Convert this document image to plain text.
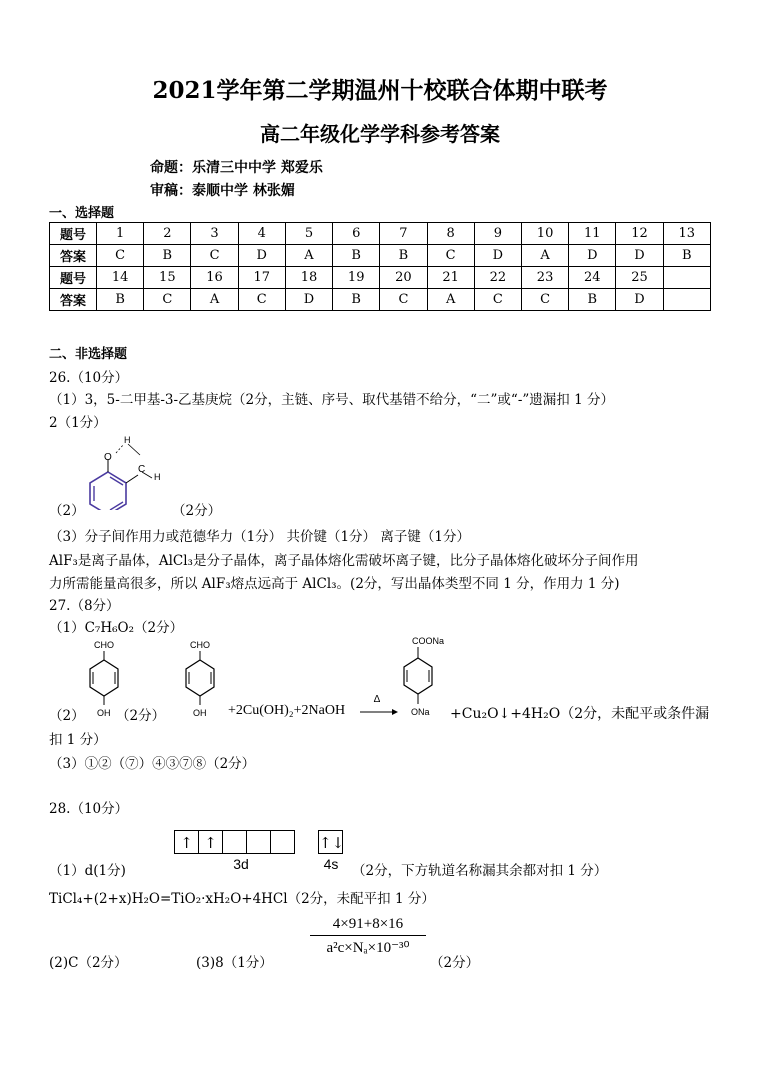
2021学年第二学期温州十校联合体期中联考
高二年级化学学科参考答案
命题：乐清三中中学 郑爱乐
审稿：泰顺中学 林张媚
一、选择题
题号	1	2	3	4	5	6	7	8	9	10	11	12	13
答案	C	B	C	D	A	B	B	C	D	A	D	D	B
题号	14	15	16	17	18	19	20	21	22	23	24	25	
答案	B	C	A	C	D	B	C	A	C	C	B	D	
二、非选择题
26.（10分）
（1）3，5-二甲基-3-乙基庚烷（2分，主链、序号、取代基错不给分，“二”或“-”遗漏扣 1 分）
2（1分）
O
H
C
H
（2）	（2分）
（3）分子间作用力或范德华力（1分） 共价键（1分） 离子键（1分）
AlF₃是离子晶体，AlCl₃是分子晶体，离子晶体熔化需破坏离子键，比分子晶体熔化破坏分子间作用
力所需能量高很多，所以 AlF₃熔点远高于 AlCl₃。(2分，写出晶体类型不同 1 分，作用力 1 分)
27.（8分）
（1）C₇H₆O₂（2分）
CHO
OH
（2） （2分）
CHO
OH +2Cu(OH)₂+2NaOH
Δ
COONa
ONa +Cu₂O↓+4H₂O（2分，未配平或条件漏
扣 1 分）
（3）①②（⑦）④③⑦⑧（2分）
28.（10分）
↑ ↑	↑↓
3d	4s
（1）d(1分)	（2分，下方轨道名称漏其余都对扣 1 分）
TiCl₄+(2+x)H₂O=TiO₂·xH₂O+4HCl（2分，未配平扣 1 分）
(2)C（2分）	(3)8（1分）
$\frac{4\times 91+8\times 16}{\text{a²c×Nₐ×10⁻³⁰}}$
（2分）
